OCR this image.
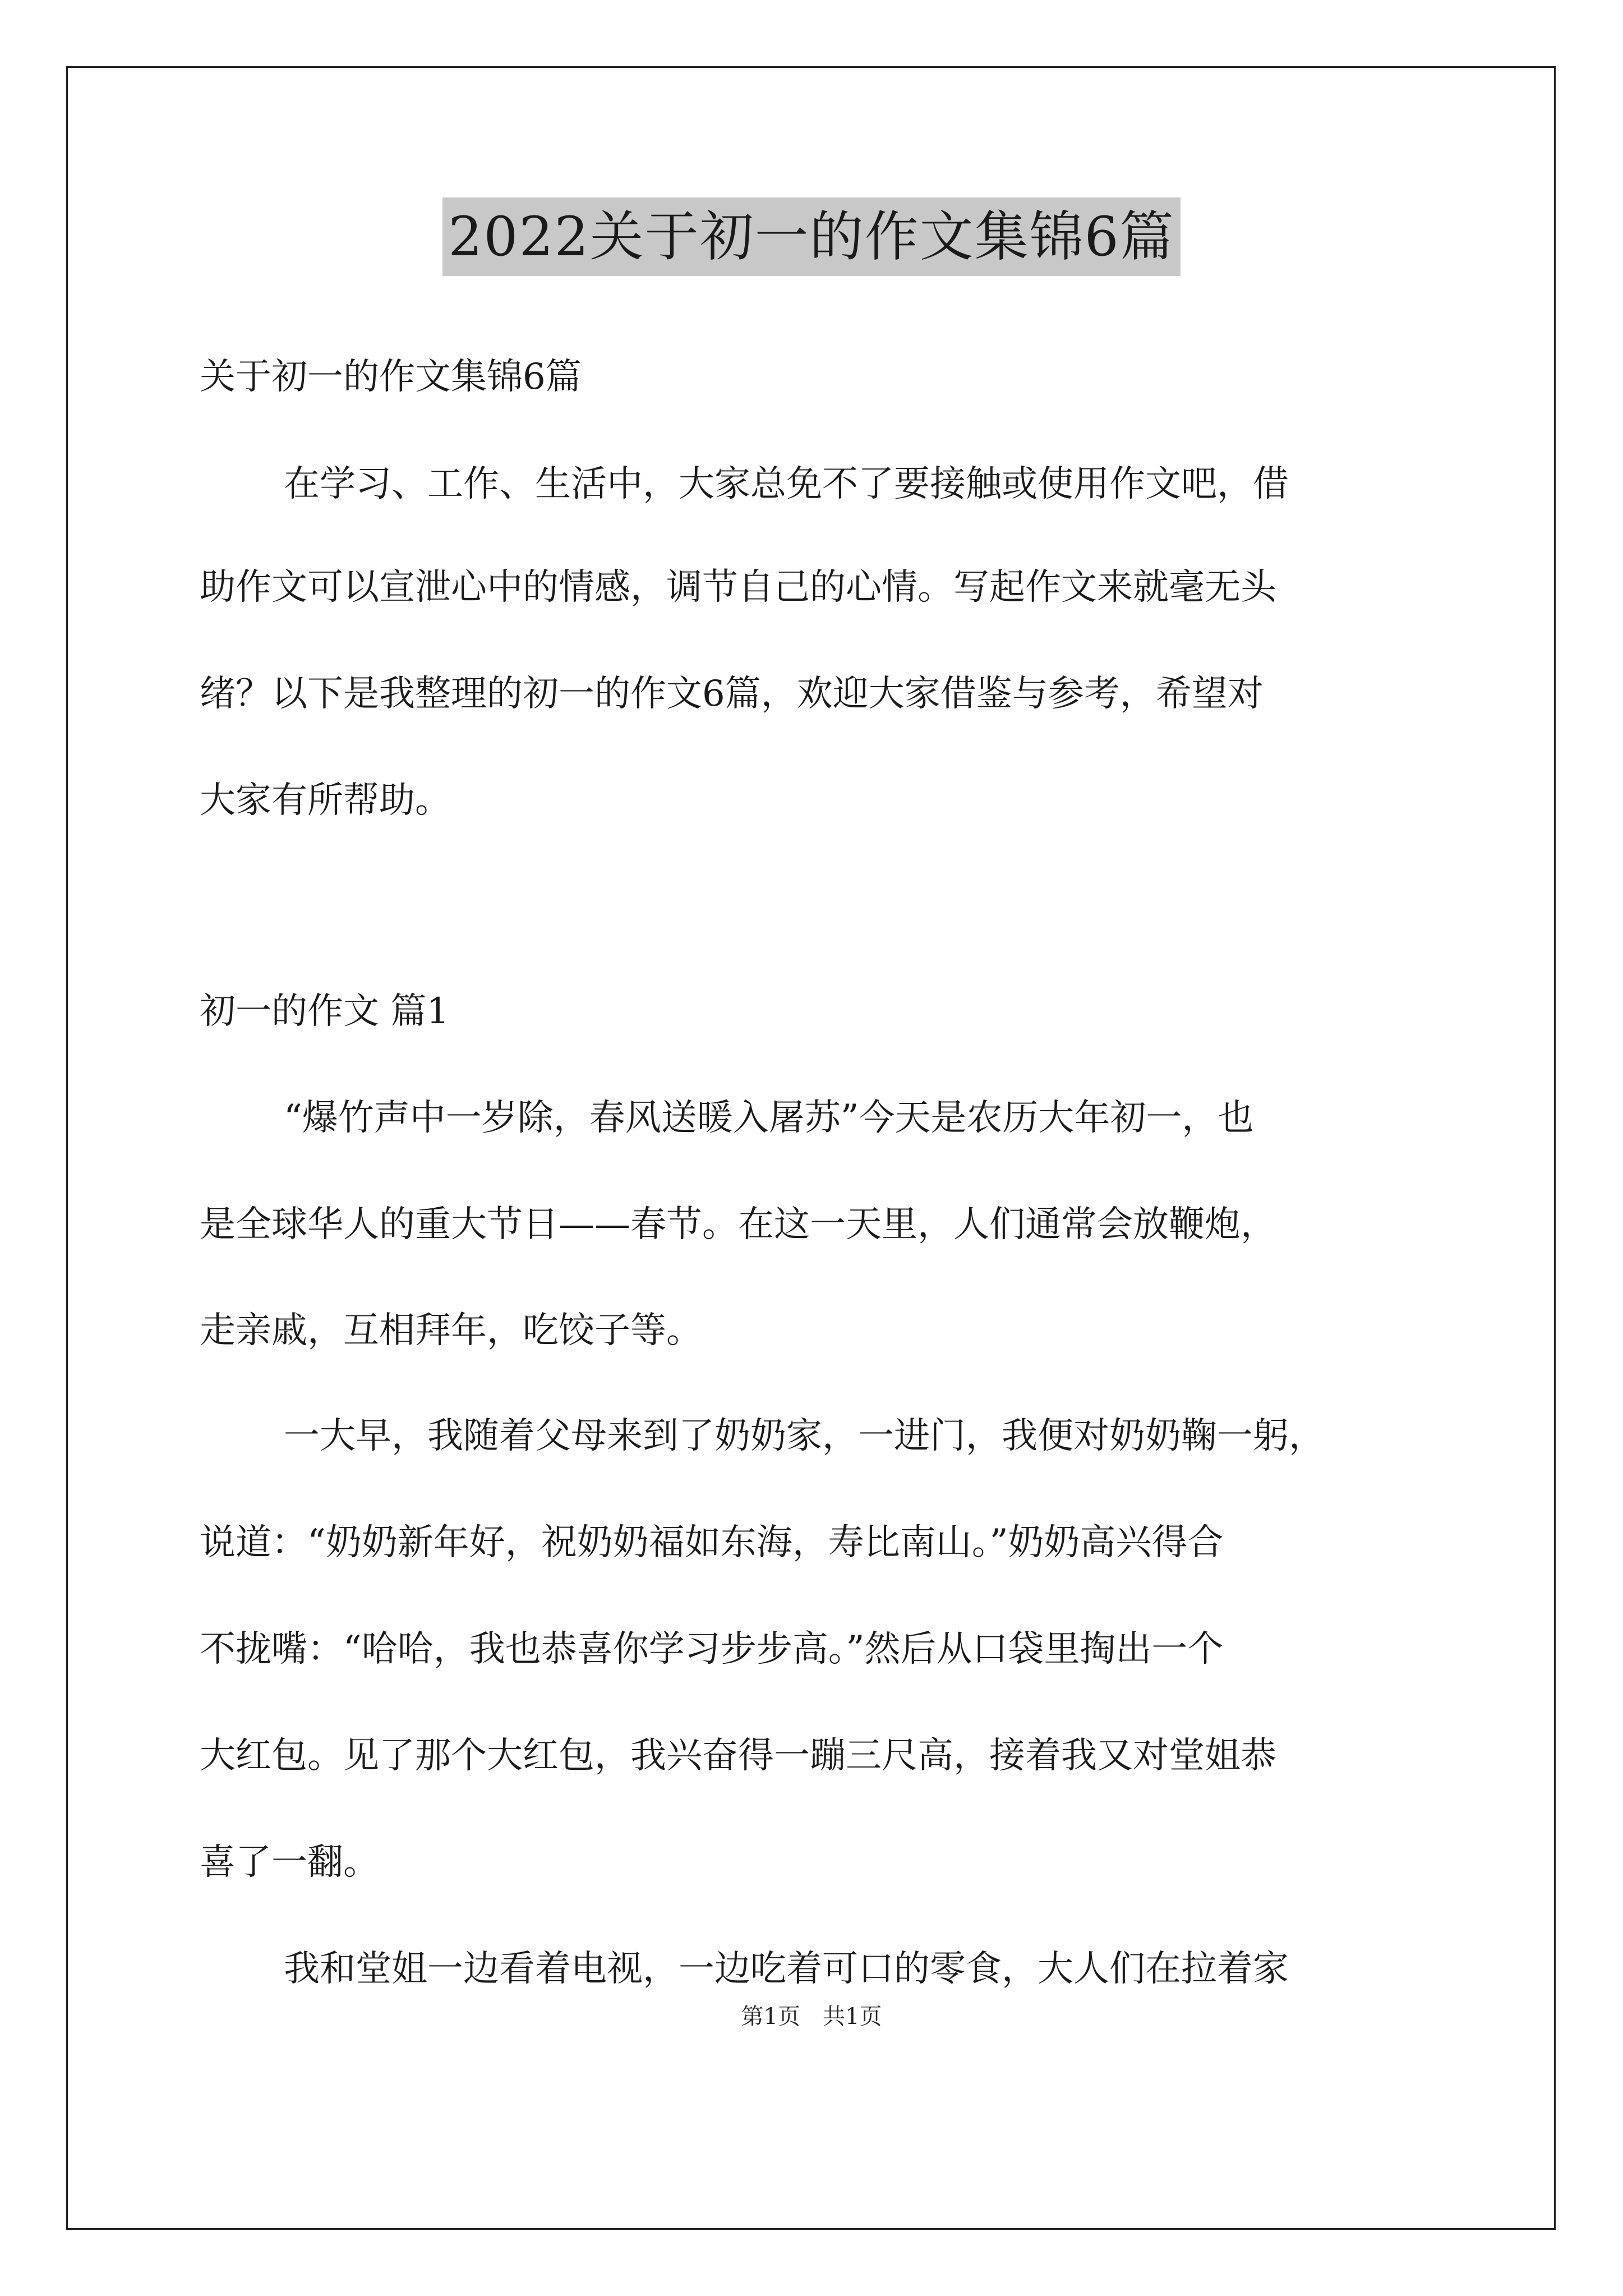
2022关于初一的作文集锦6篇
关于初一的作文集锦6篇
在学习、工作、生活中，大家总免不了要接触或使用作文吧，借
助作文可以宣泄心中的情感，调节自己的心情。写起作文来就毫无头
绪？以下是我整理的初一的作文6篇，欢迎大家借鉴与参考，希望对
大家有所帮助。
初一的作文 篇1
“爆竹声中一岁除，春风送暖入屠苏”今天是农历大年初一，也
是全球华人的重大节日——春节。在这一天里，人们通常会放鞭炮，
走亲戚，互相拜年，吃饺子等。
一大早，我随着父母来到了奶奶家，一进门，我便对奶奶鞠一躬，
说道：“奶奶新年好，祝奶奶福如东海，寿比南山。”奶奶高兴得合
不拢嘴：“哈哈，我也恭喜你学习步步高。”然后从口袋里掏出一个
大红包。见了那个大红包，我兴奋得一蹦三尺高，接着我又对堂姐恭
喜了一翻。
我和堂姐一边看着电视，一边吃着可口的零食，大人们在拉着家
第1页　共1页
